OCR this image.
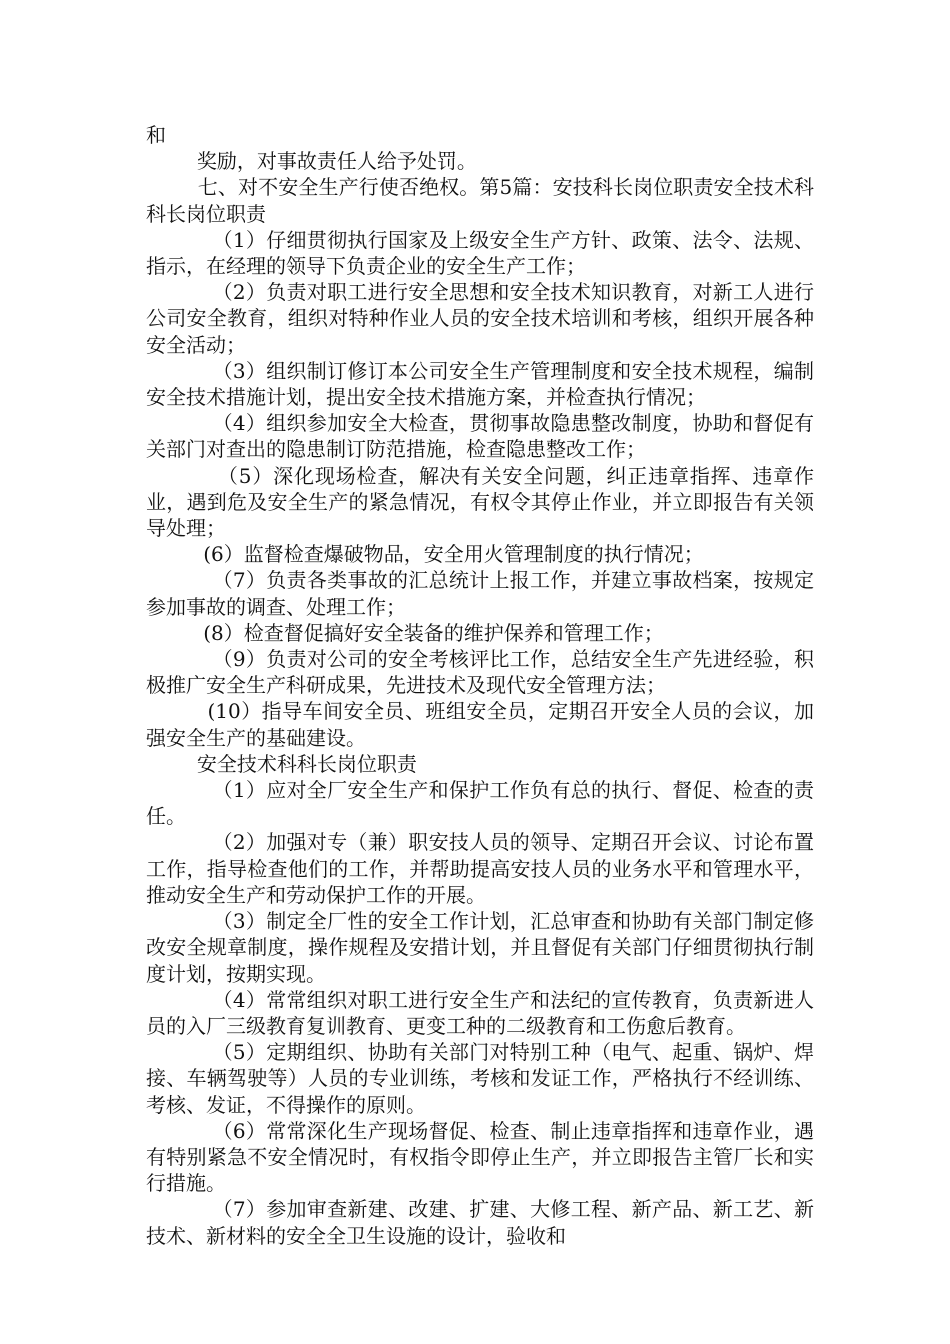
和

奖励，对事故责任人给予处罚。

七、对不安全生产行使否绝权。第5篇：安技科长岗位职责安全技术科科长岗位职责

（1）仔细贯彻执行国家及上级安全生产方针、政策、法令、法规、指示，在经理的领导下负责企业的安全生产工作；

（2）负责对职工进行安全思想和安全技术知识教育，对新工人进行公司安全教育，组织对特种作业人员的安全技术培训和考核，组织开展各种安全活动；

（3）组织制订修订本公司安全生产管理制度和安全技术规程，编制安全技术措施计划，提出安全技术措施方案，并检查执行情况；

（4）组织参加安全大检查，贯彻事故隐患整改制度，协助和督促有关部门对查出的隐患制订防范措施，检查隐患整改工作；

（5）深化现场检查，解决有关安全问题，纠正违章指挥、违章作业，遇到危及安全生产的紧急情况，有权令其停止作业，并立即报告有关领导处理；

(6）监督检查爆破物品，安全用火管理制度的执行情况；

（7）负责各类事故的汇总统计上报工作，并建立事故档案，按规定参加事故的调查、处理工作；

(8）检查督促搞好安全装备的维护保养和管理工作；

（9）负责对公司的安全考核评比工作，总结安全生产先进经验，积极推广安全生产科研成果，先进技术及现代安全管理方法；

(10）指导车间安全员、班组安全员，定期召开安全人员的会议，加强安全生产的基础建设。

安全技术科科长岗位职责

（1）应对全厂安全生产和保护工作负有总的执行、督促、检查的责任。

（2）加强对专（兼）职安技人员的领导、定期召开会议、讨论布置工作，指导检查他们的工作，并帮助提高安技人员的业务水平和管理水平，推动安全生产和劳动保护工作的开展。

（3）制定全厂性的安全工作计划，汇总审查和协助有关部门制定修改安全规章制度，操作规程及安措计划，并且督促有关部门仔细贯彻执行制度计划，按期实现。

（4）常常组织对职工进行安全生产和法纪的宣传教育，负责新进人员的入厂三级教育复训教育、更变工种的二级教育和工伤愈后教育。

（5）定期组织、协助有关部门对特别工种（电气、起重、锅炉、焊接、车辆驾驶等）人员的专业训练，考核和发证工作，严格执行不经训练、考核、发证，不得操作的原则。

（6）常常深化生产现场督促、检查、制止违章指挥和违章作业，遇有特别紧急不安全情况时，有权指令即停止生产，并立即报告主管厂长和实行措施。

（7）参加审查新建、改建、扩建、大修工程、新产品、新工艺、新技术、新材料的安全全卫生设施的设计，验收和
